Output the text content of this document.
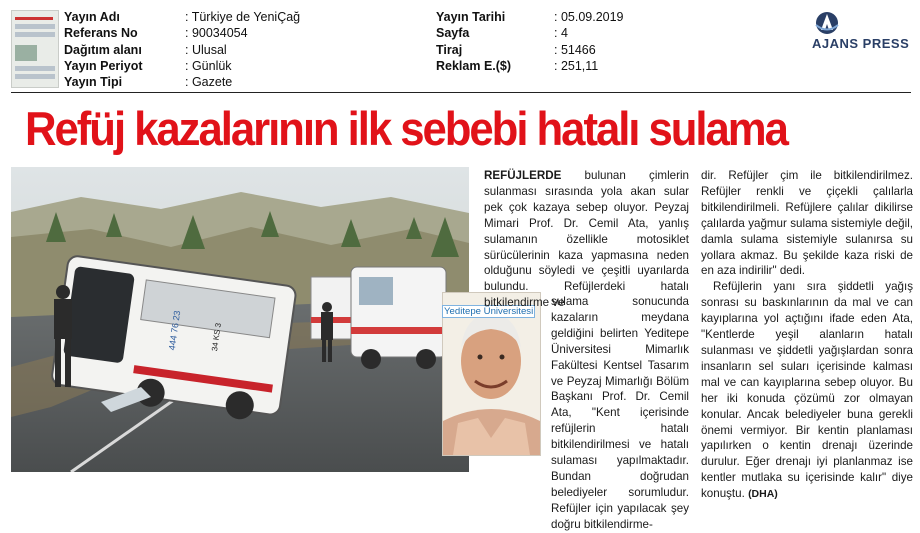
Yayın Adı	: Türkiye de YeniÇağ
Referans No	: 90034054
Dağıtım alanı	: Ulusal
Yayın Periyot	: Günlük
Yayın Tipi	: Gazete
Yayın Tarihi	: 05.09.2019
Sayfa	: 4
Tiraj	: 51466
Reklam E.($)	: 251,11
AJANS PRESS
Refüj kazalarının ilk sebebi hatalı sulama
444 76 23	34 KS 3
Yeditepe Üniversitesi

REFÜJLERDE bulunan çimlerin sulanması sırasında yola akan sular pek çok kazaya sebep oluyor. Peyzaj Mimari Prof. Dr. Cemil Ata, yanlış sulamanın özellikle motosiklet sürücülerinin kaza yapmasına neden olduğunu söyledi ve çeşitli uyarılarda bulundu. Refüjlerdeki hatalı bitkilendirme ve

sulama sonucunda kazaların meydana geldiğini belirten Yeditepe Üniversitesi Mimarlık Fakültesi Kentsel Tasarım ve Peyzaj Mimarlığı Bölüm Başkanı Prof. Dr. Cemil Ata, "Kent içerisinde refüjlerin hatalı bitkilendirilmesi ve hatalı sulaması yapılmaktadır. Bundan doğrudan belediyeler sorumludur. Refüjler için yapılacak şey doğru bitkilendirme-

dir. Refüjler çim ile bitkilendirilmez. Refüjler renkli ve çiçekli çalılarla bitkilendirilmeli. Refüjlere çalılar dikilirse çalılarda yağmur sulama sistemiyle değil, damla sulama sistemiyle sulanırsa su yollara akmaz. Bu şekilde kaza riski de en aza indirilir" dedi.

Refüjlerin yanı sıra şiddetli yağış sonrası su baskınlarının da mal ve can kayıplarına yol açtığını ifade eden Ata, "Kentlerde yeşil alanların hatalı sulanması ve şiddetli yağışlardan sonra insanların sel suları içerisinde kalması mal ve can kayıplarına sebep oluyor. Bu her iki konuda çözümü zor olmayan konular. Ancak belediyeler buna gerekli önemi vermiyor. Bir kentin planlaması yapılırken o kentin drenajı üzerinde durulur. Eğer drenajı iyi planlanmaz ise kentler mutlaka su içerisinde kalır" diye konuştu. (DHA)
